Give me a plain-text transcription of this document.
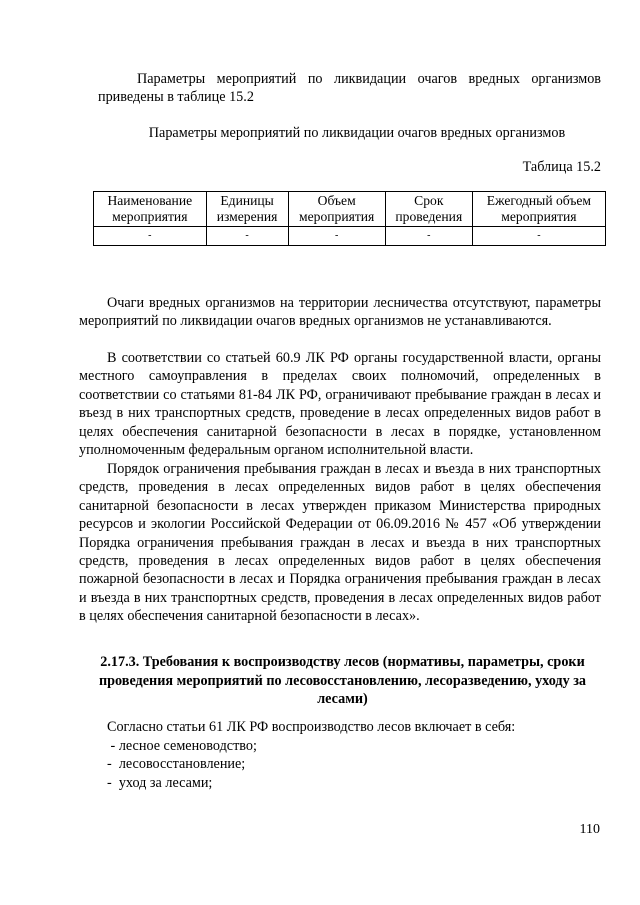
Параметры мероприятий по ликвидации очагов вредных организмов
приведены в таблице 15.2

Параметры мероприятий по ликвидации очагов вредных организмов

Таблица 15.2

Наименование мероприятия	Единицы измерения	Объем мероприятия	Срок проведения	Ежегодный объем мероприятия
-	-	-	-	-

Очаги вредных организмов на территории лесничества отсутствуют, параметры мероприятий по ликвидации очагов вредных организмов не устанавливаются.

В соответствии со статьей 60.9 ЛК РФ органы государственной власти, органы местного самоуправления в пределах своих полномочий, определенных в соответствии со статьями 81-84 ЛК РФ, ограничивают пребывание граждан в лесах и въезд в них транспортных средств, проведение в лесах определенных видов работ в целях обеспечения санитарной безопасности в лесах в порядке, установленном уполномоченным федеральным органом исполнительной власти.

Порядок ограничения пребывания граждан в лесах и въезда в них транспортных средств, проведения в лесах определенных видов работ в целях обеспечения санитарной безопасности в лесах утвержден приказом Министерства природных ресурсов и экологии Российской Федерации от 06.09.2016 № 457 «Об утверждении Порядка ограничения пребывания граждан в лесах и въезда в них транспортных средств, проведения в лесах определенных видов работ в целях обеспечения пожарной безопасности в лесах и Порядка ограничения пребывания граждан в лесах и въезда в них транспортных средств, проведения в лесах определенных видов работ в целях обеспечения санитарной безопасности в лесах».

2.17.3. Требования к воспроизводству лесов (нормативы, параметры, сроки проведения мероприятий по лесовосстановлению, лесоразведению, уходу за лесами)

Согласно статьи 61 ЛК РФ воспроизводство лесов включает в себя:

- лесное семеноводство;
-  лесовосстановление;
-  уход за лесами;
110
